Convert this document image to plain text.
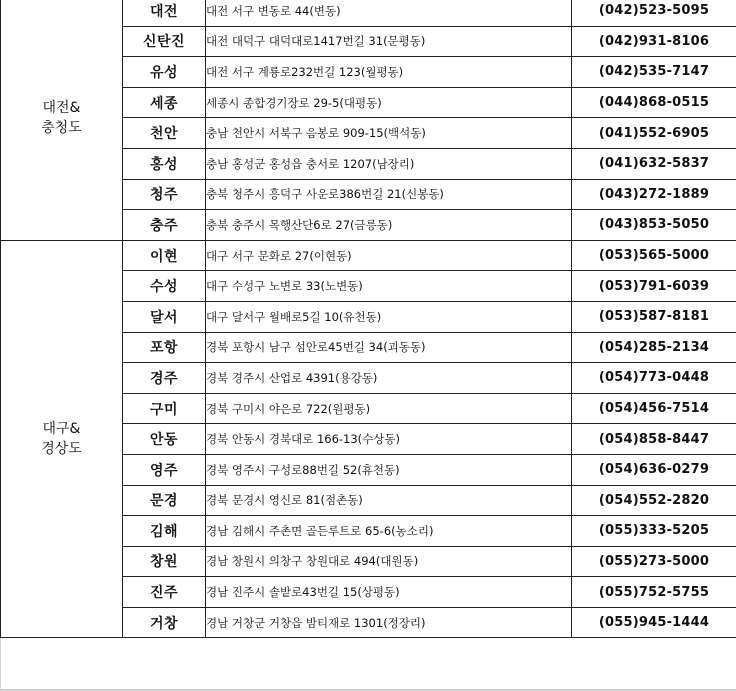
대전&
충청도	대전	대전 서구 변동로 44(변동)	(042)523-5095
	신탄진	대전 대덕구 대덕대로1417번길 31(문평동)	(042)931-8106
	유성	대전 서구 계룡로232번길 123(월평동)	(042)535-7147
	세종	세종시 종합경기장로 29-5(대평동)	(044)868-0515
	천안	충남 천안시 서북구 음봉로 909-15(백석동)	(041)552-6905
	홍성	충남 홍성군 홍성읍 충서로 1207(남장리)	(041)632-5837
	청주	충북 청주시 흥덕구 사운로386번길 21(신봉동)	(043)272-1889
	충주	충북 충주시 목행산단6로 27(금릉동)	(043)853-5050
대구&
경상도	이현	대구 서구 문화로 27(이현동)	(053)565-5000
	수성	대구 수성구 노변로 33(노변동)	(053)791-6039
	달서	대구 달서구 월배로5길 10(유천동)	(053)587-8181
	포항	경북 포항시 남구 섬안로45번길 34(괴동동)	(054)285-2134
	경주	경북 경주시 산업로 4391(용강동)	(054)773-0448
	구미	경북 구미시 야은로 722(원평동)	(054)456-7514
	안동	경북 안동시 경북대로 166-13(수상동)	(054)858-8447
	영주	경북 영주시 구성로88번길 52(휴천동)	(054)636-0279
	문경	경북 문경시 영신로 81(점촌동)	(054)552-2820
	김해	경남 김해시 주촌면 골든루트로 65-6(농소리)	(055)333-5205
	창원	경남 창원시 의창구 창원대로 494(대원동)	(055)273-5000
	진주	경남 진주시 솔밭로43번길 15(상평동)	(055)752-5755
	거창	경남 거창군 거창읍 밤티재로 1301(정장리)	(055)945-1444
